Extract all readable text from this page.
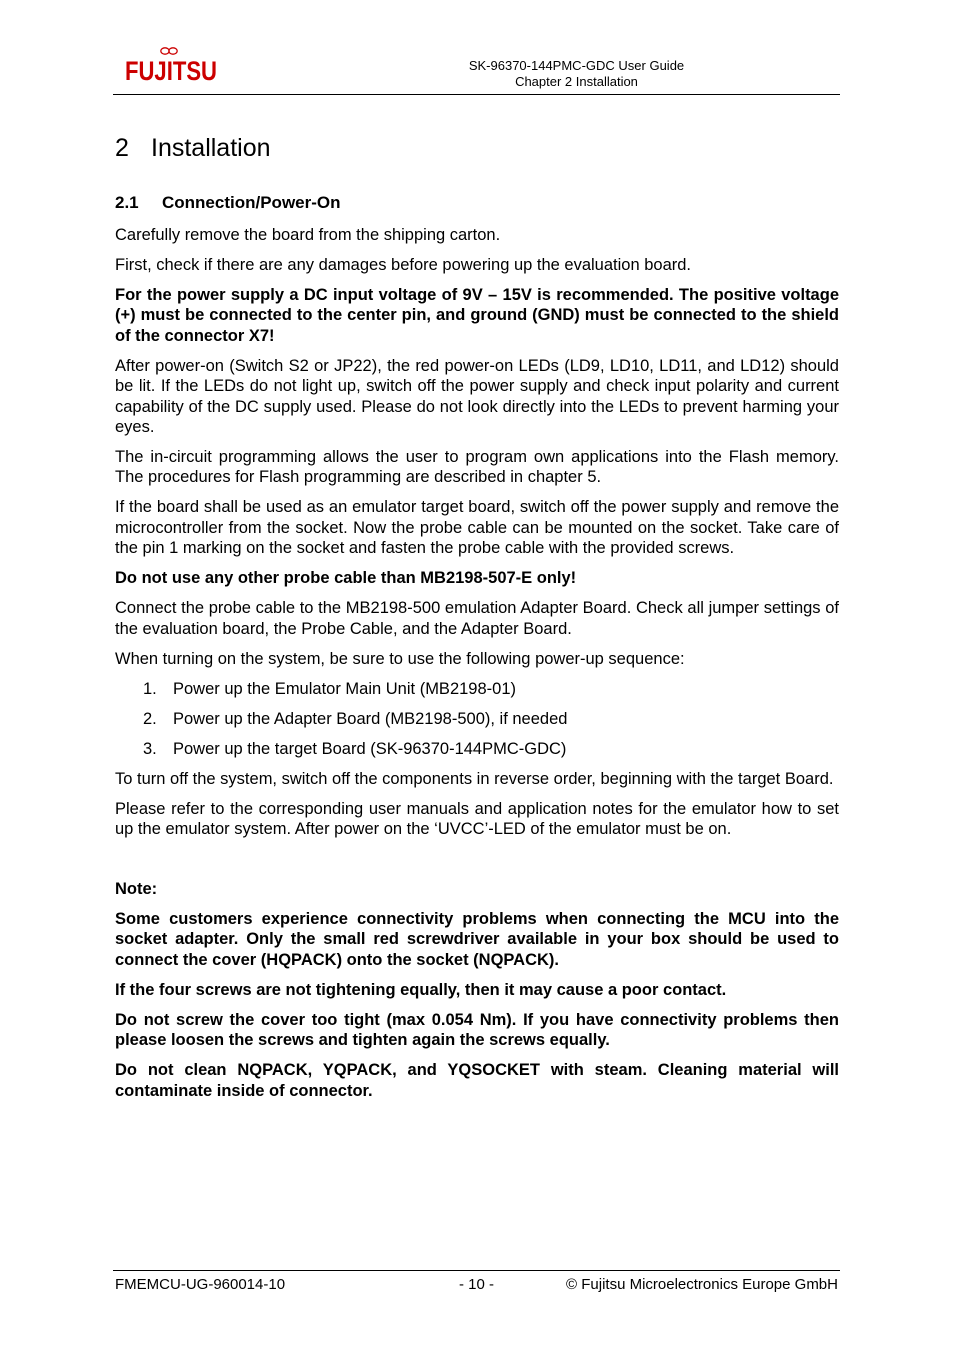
FUJITSU	SK-96370-144PMC-GDC User Guide
Chapter 2 Installation
2 Installation
2.1 Connection/Power-On

Carefully remove the board from the shipping carton.

First, check if there are any damages before powering up the evaluation board.

For the power supply a DC input voltage of 9V – 15V is recommended. The positive voltage (+) must be connected to the center pin, and ground (GND) must be connected to the shield of the connector X7!

After power-on (Switch S2 or JP22), the red power-on LEDs (LD9, LD10, LD11, and LD12) should be lit. If the LEDs do not light up, switch off the power supply and check input polarity and current capability of the DC supply used. Please do not look directly into the LEDs to prevent harming your eyes.

The in-circuit programming allows the user to program own applications into the Flash memory. The procedures for Flash programming are described in chapter 5.

If the board shall be used as an emulator target board, switch off the power supply and remove the microcontroller from the socket. Now the probe cable can be mounted on the socket. Take care of the pin 1 marking on the socket and fasten the probe cable with the provided screws.

Do not use any other probe cable than MB2198-507-E only!

Connect the probe cable to the MB2198-500 emulation Adapter Board. Check all jumper settings of the evaluation board, the Probe Cable, and the Adapter Board.

When turning on the system, be sure to use the following power-up sequence:

1. Power up the Emulator Main Unit (MB2198-01)
2. Power up the Adapter Board (MB2198-500), if needed
3. Power up the target Board (SK-96370-144PMC-GDC)

To turn off the system, switch off the components in reverse order, beginning with the target Board.

Please refer to the corresponding user manuals and application notes for the emulator how to set up the emulator system. After power on the ‘UVCC’-LED of the emulator must be on.

Note:

Some customers experience connectivity problems when connecting the MCU into the socket adapter. Only the small red screwdriver available in your box should be used to connect the cover (HQPACK) onto the socket (NQPACK).

If the four screws are not tightening equally, then it may cause a poor contact.

Do not screw the cover too tight (max 0.054 Nm). If you have connectivity problems then please loosen the screws and tighten again the screws equally.

Do not clean NQPACK, YQPACK, and YQSOCKET with steam. Cleaning material will contaminate inside of connector.

FMEMCU-UG-960014-10	- 10 -	© Fujitsu Microelectronics Europe GmbH
